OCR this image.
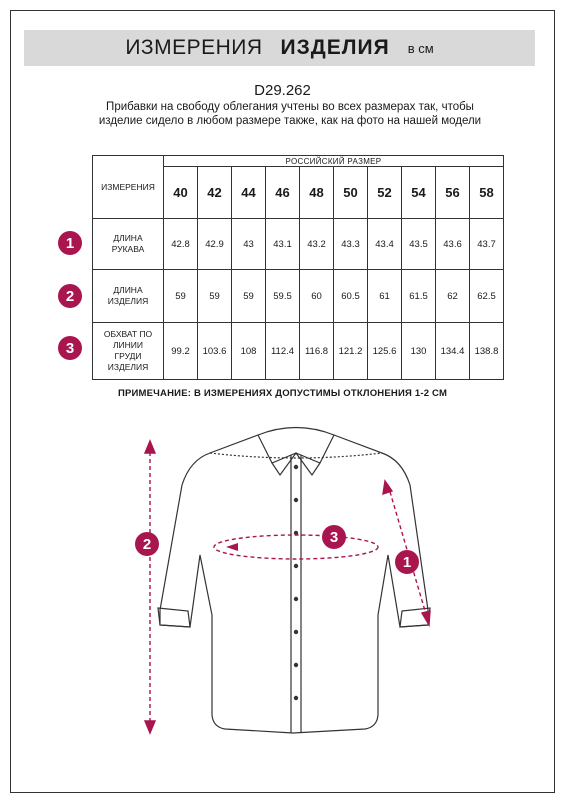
ИЗМЕРЕНИЯ ИЗДЕЛИЯ в см
D29.262
Прибавки на свободу облегания учтены во всех размерах так, чтобы изделие сидело в любом размере также, как на фото на нашей модели
ИЗМЕРЕНИЯ	РОССИЙСКИЙ РАЗМЕР									
	40	42	44	46	48	50	52	54	56	58
ДЛИНА
РУКАВА	42.8	42.9	43	43.1	43.2	43.3	43.4	43.5	43.6	43.7
ДЛИНА
ИЗДЕЛИЯ	59	59	59	59.5	60	60.5	61	61.5	62	62.5
ОБХВАТ ПО
ЛИНИИ
ГРУДИ
ИЗДЕЛИЯ	99.2	103.6	108	112.4	116.8	121.2	125.6	130	134.4	138.8
1
2
3
ПРИМЕЧАНИЕ: В ИЗМЕРЕНИЯХ ДОПУСТИМЫ ОТКЛОНЕНИЯ 1-2 СМ
2	3
1
